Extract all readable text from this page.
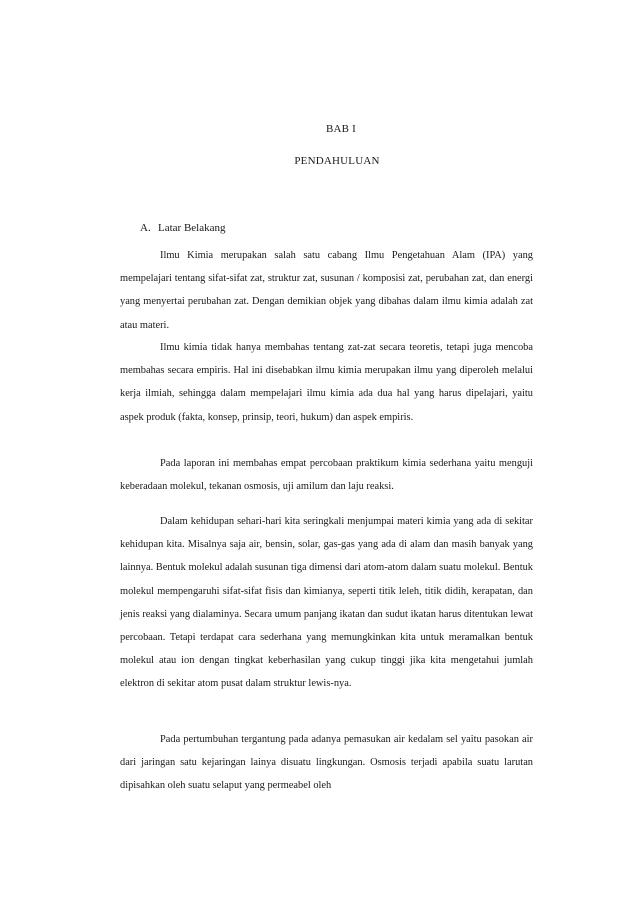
BAB I
PENDAHULUAN
A. Latar Belakang

Ilmu Kimia merupakan salah satu cabang Ilmu Pengetahuan Alam (IPA) yang mempelajari tentang sifat-sifat zat, struktur zat, susunan / komposisi zat, perubahan zat, dan energi yang menyertai perubahan zat. Dengan demikian objek yang dibahas dalam ilmu kimia adalah zat atau materi.

Ilmu kimia tidak hanya membahas tentang zat-zat secara teoretis, tetapi juga mencoba membahas secara empiris. Hal ini disebabkan ilmu kimia merupakan ilmu yang diperoleh melalui kerja ilmiah, sehingga dalam mempelajari ilmu kimia ada dua hal yang harus dipelajari, yaitu aspek produk (fakta, konsep, prinsip, teori, hukum) dan aspek empiris.

Pada laporan ini membahas empat percobaan praktikum kimia sederhana yaitu menguji keberadaan molekul, tekanan osmosis, uji amilum dan laju reaksi.

Dalam kehidupan sehari-hari kita seringkali menjumpai materi kimia yang ada di sekitar kehidupan kita. Misalnya saja air, bensin, solar, gas-gas yang ada di alam dan masih banyak yang lainnya. Bentuk molekul adalah susunan tiga dimensi dari atom-atom dalam suatu molekul. Bentuk molekul mempengaruhi sifat-sifat fisis dan kimianya, seperti titik leleh, titik didih, kerapatan, dan jenis reaksi yang dialaminya. Secara umum panjang ikatan dan sudut ikatan harus ditentukan lewat percobaan. Tetapi terdapat cara sederhana yang memungkinkan kita untuk meramalkan bentuk molekul atau ion dengan tingkat keberhasilan yang cukup tinggi jika kita mengetahui jumlah elektron di sekitar atom pusat dalam struktur lewis-nya.

Pada pertumbuhan tergantung pada adanya pemasukan air kedalam sel yaitu pasokan air dari jaringan satu kejaringan lainya disuatu lingkungan. Osmosis terjadi apabila suatu larutan dipisahkan oleh suatu selaput yang permeabel oleh
